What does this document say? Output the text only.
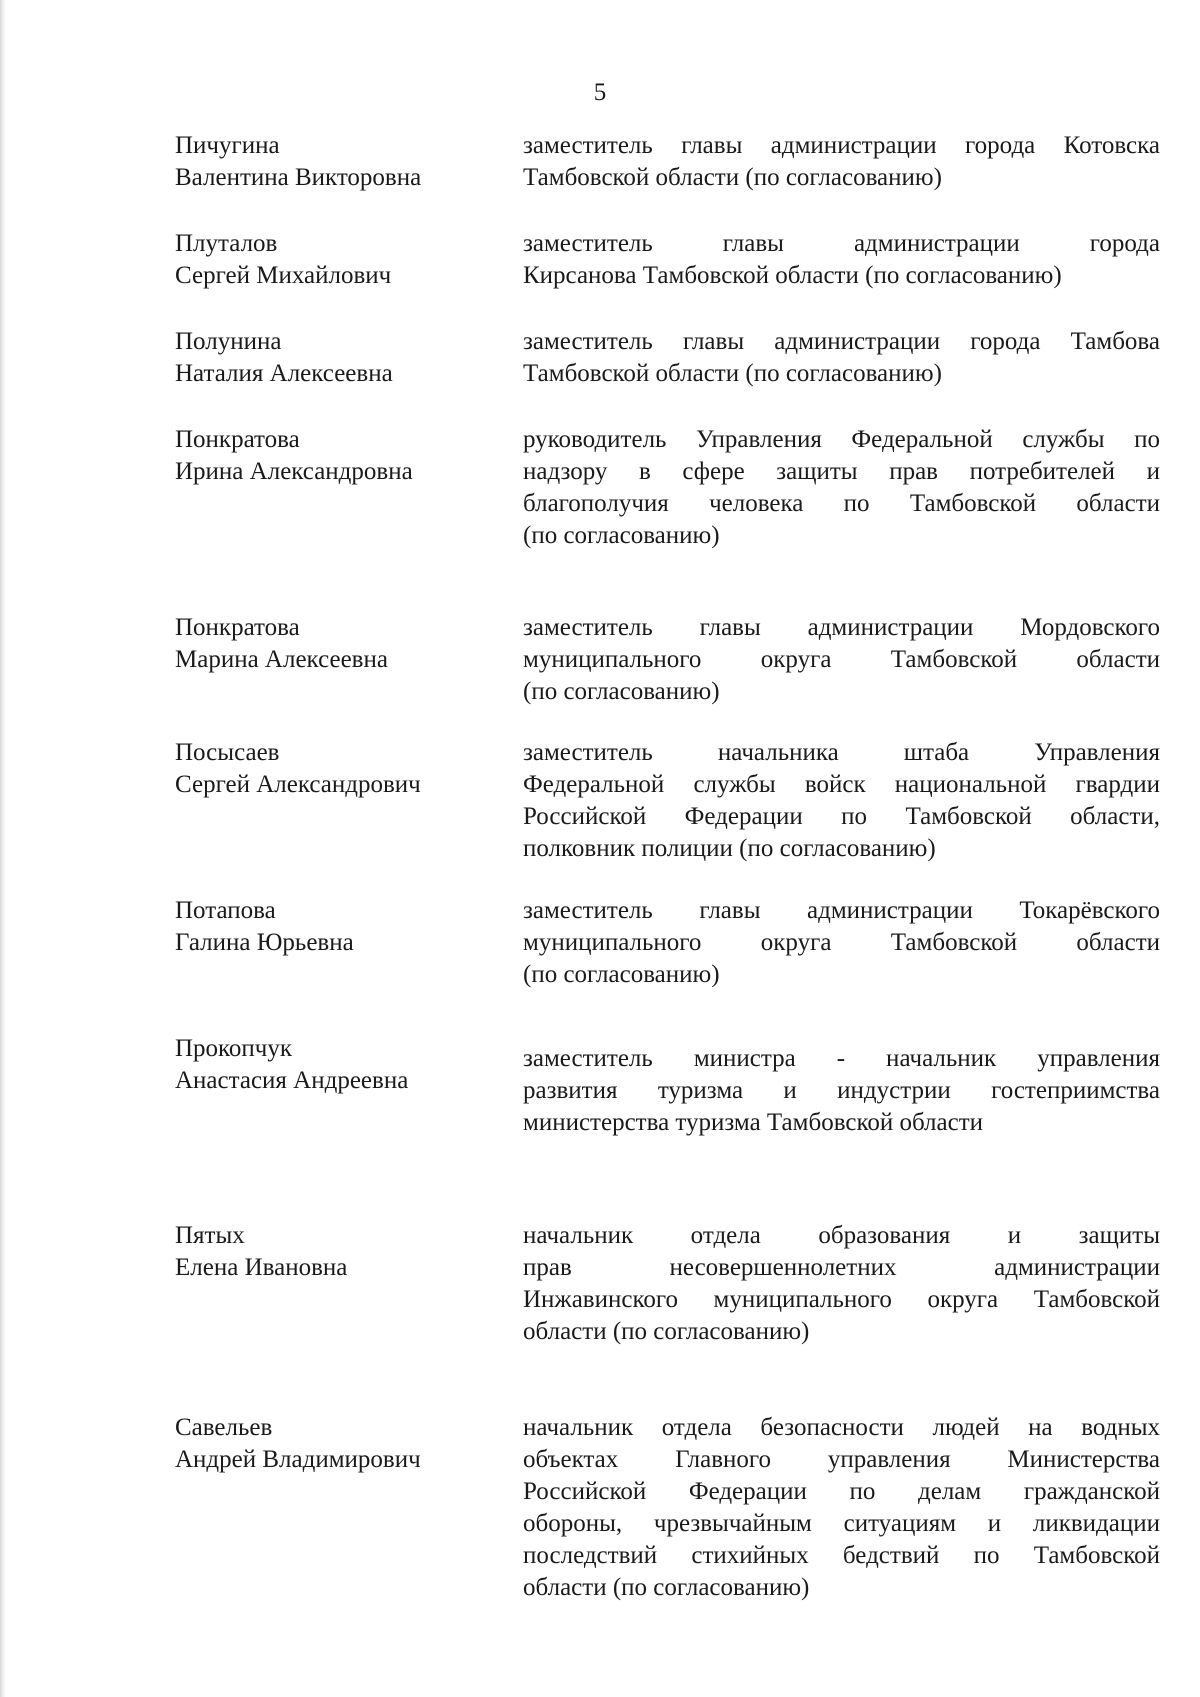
5
Пичугина
Валентина Викторовна
заместитель главы администрации города Котовска
Тамбовской области (по согласованию)
Плуталов
Сергей Михайлович
заместитель главы администрации города
Кирсанова Тамбовской области (по согласованию)
Полунина
Наталия Алексеевна
заместитель главы администрации города Тамбова
Тамбовской области (по согласованию)
Понкратова
Ирина Александровна
руководитель Управления Федеральной службы по
надзору в сфере защиты прав потребителей и
благополучия человека по Тамбовской области
(по согласованию)
Понкратова
Марина Алексеевна
заместитель главы администрации Мордовского
муниципального округа Тамбовской области
(по согласованию)
Посысаев
Сергей Александрович
заместитель начальника штаба Управления
Федеральной службы войск национальной гвардии
Российской Федерации по Тамбовской области,
полковник полиции (по согласованию)
Потапова
Галина Юрьевна
заместитель главы администрации Токарёвского
муниципального округа Тамбовской области
(по согласованию)
Прокопчук
Анастасия Андреевна
заместитель министра - начальник управления
развития туризма и индустрии гостеприимства
министерства туризма Тамбовской области
Пятых
Елена Ивановна
начальник отдела образования и защиты
прав несовершеннолетних администрации
Инжавинского муниципального округа Тамбовской
области (по согласованию)
Савельев
Андрей Владимирович
начальник отдела безопасности людей на водных
объектах Главного управления Министерства
Российской Федерации по делам гражданской
обороны, чрезвычайным ситуациям и ликвидации
последствий стихийных бедствий по Тамбовской
области (по согласованию)
